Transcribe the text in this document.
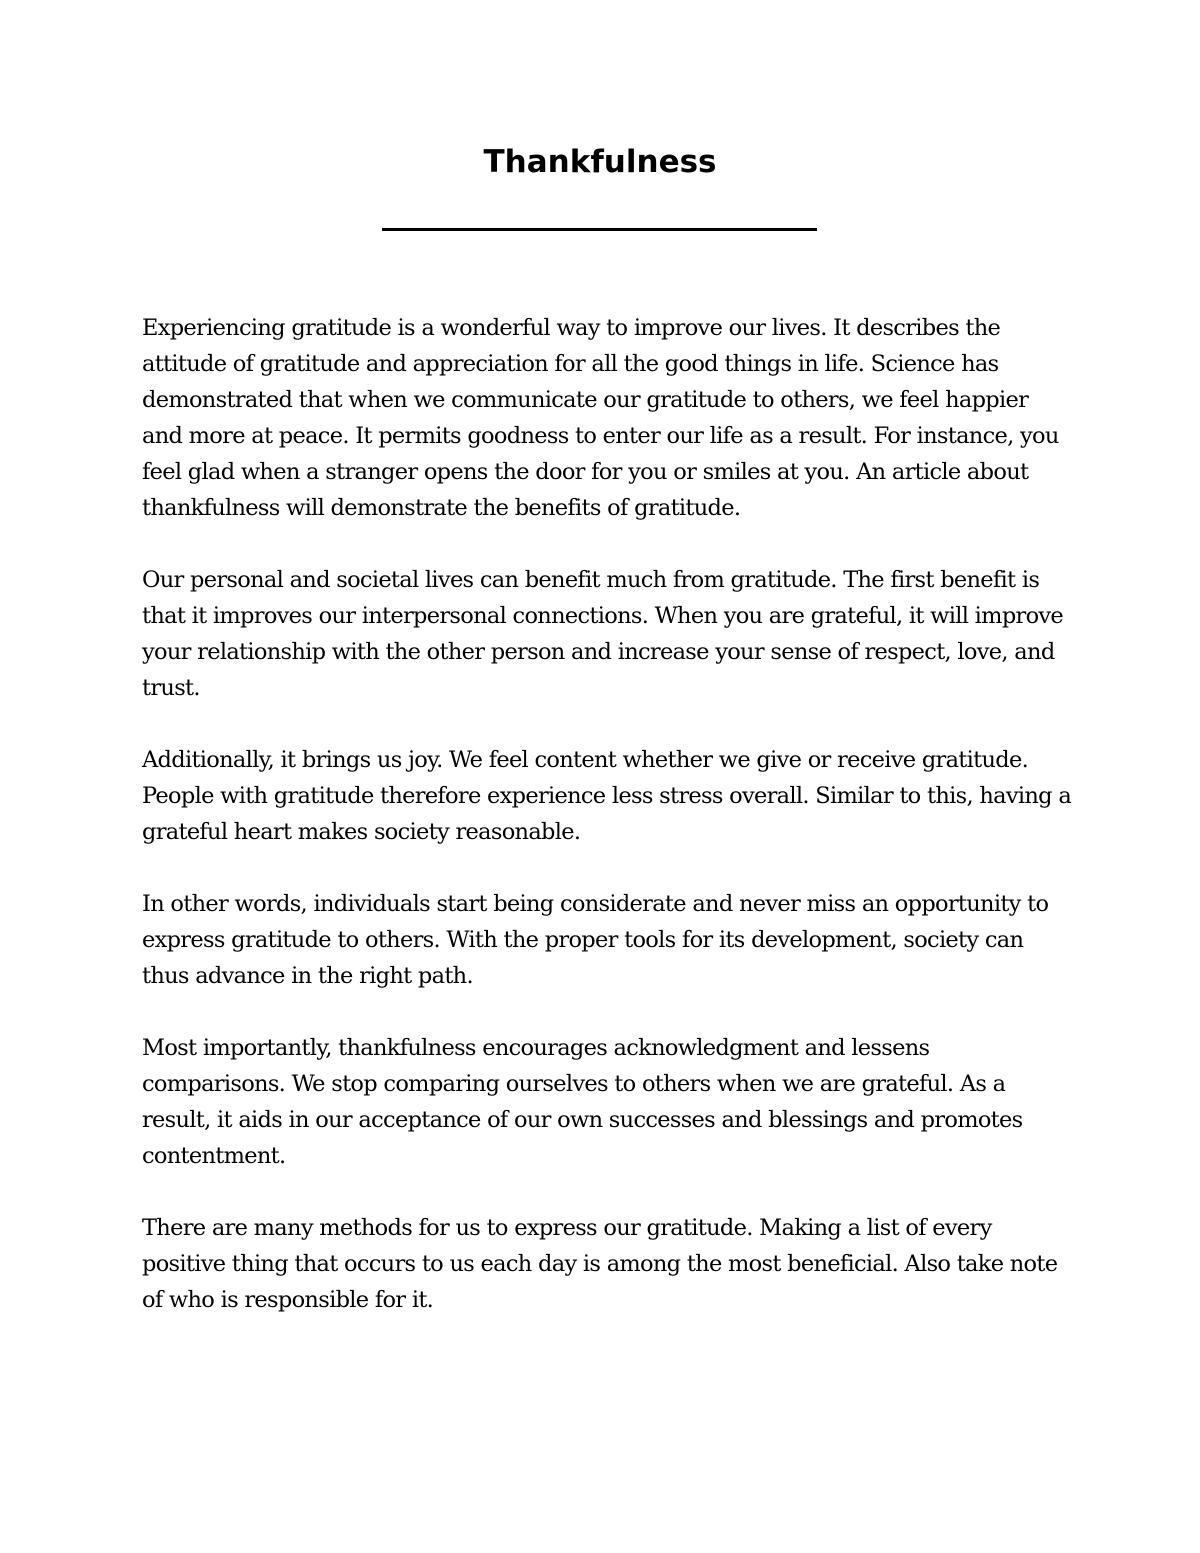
Thankfulness

Experiencing gratitude is a wonderful way to improve our lives. It describes the attitude of gratitude and appreciation for all the good things in life. Science has demonstrated that when we communicate our gratitude to others, we feel happier and more at peace. It permits goodness to enter our life as a result. For instance, you feel glad when a stranger opens the door for you or smiles at you. An article about thankfulness will demonstrate the benefits of gratitude.

Our personal and societal lives can benefit much from gratitude. The first benefit is that it improves our interpersonal connections. When you are grateful, it will improve your relationship with the other person and increase your sense of respect, love, and trust.

Additionally, it brings us joy. We feel content whether we give or receive gratitude. People with gratitude therefore experience less stress overall. Similar to this, having a grateful heart makes society reasonable.

In other words, individuals start being considerate and never miss an opportunity to express gratitude to others. With the proper tools for its development, society can thus advance in the right path.

Most importantly, thankfulness encourages acknowledgment and lessens comparisons. We stop comparing ourselves to others when we are grateful. As a result, it aids in our acceptance of our own successes and blessings and promotes contentment.

There are many methods for us to express our gratitude. Making a list of every positive thing that occurs to us each day is among the most beneficial. Also take note of who is responsible for it.
